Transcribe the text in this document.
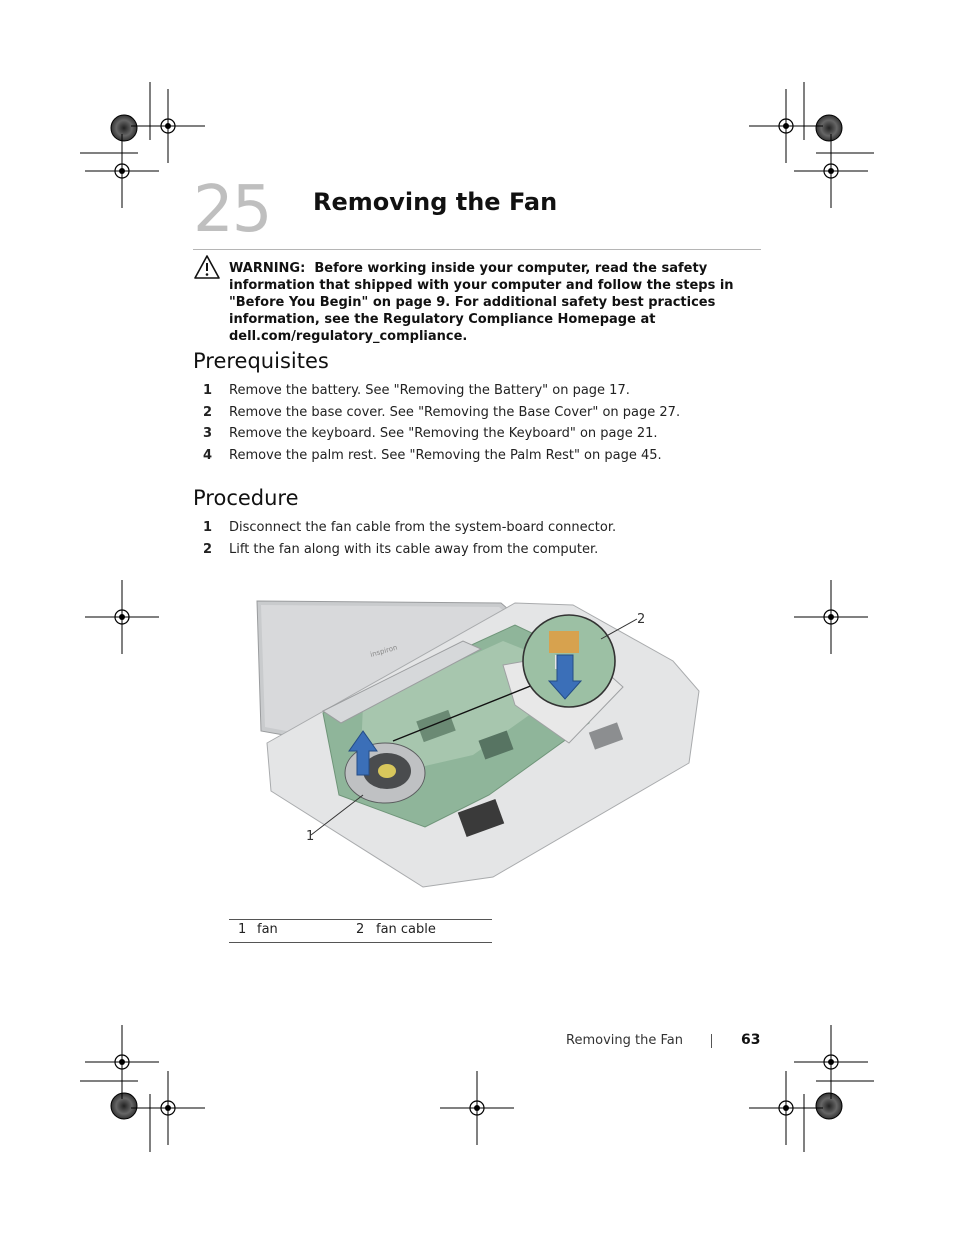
25 Removing the Fan
WARNING: Before working inside your computer, read the safety information that shipped with your computer and follow the steps in "Before You Begin" on page 9. For additional safety best practices information, see the Regulatory Compliance Homepage at dell.com/regulatory_compliance.
Prerequisites
1	Remove the battery. See "Removing the Battery" on page 17.
2	Remove the base cover. See "Removing the Base Cover" on page 27.
3	Remove the keyboard. See "Removing the Keyboard" on page 21.
4	Remove the palm rest. See "Removing the Palm Rest" on page 45.
Procedure
1	Disconnect the fan cable from the system-board connector.
2	Lift the fan along with its cable away from the computer.
inspiron
1
2
1 fan	2 fan cable
Removing the Fan	63
